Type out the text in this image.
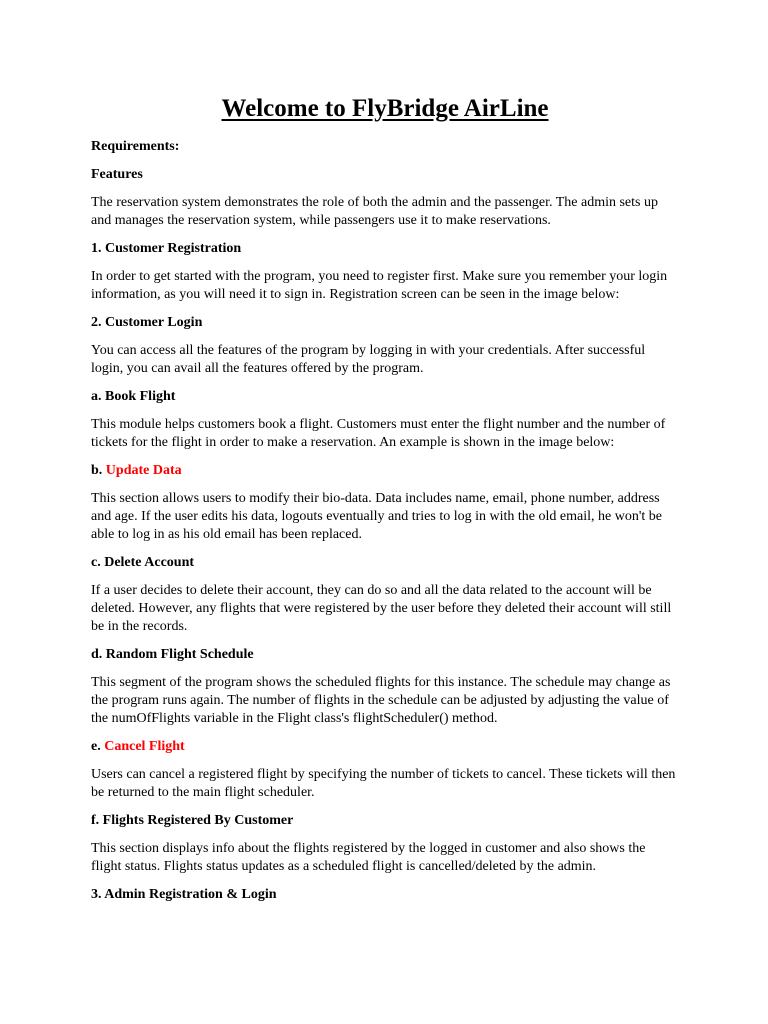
Welcome to FlyBridge AirLine
Requirements:
Features
The reservation system demonstrates the role of both the admin and the passenger. The admin sets up and manages the reservation system, while passengers use it to make reservations.
1. Customer Registration
In order to get started with the program, you need to register first. Make sure you remember your login information, as you will need it to sign in. Registration screen can be seen in the image below:
2. Customer Login
You can access all the features of the program by logging in with your credentials. After successful login, you can avail all the features offered by the program.
a. Book Flight
This module helps customers book a flight. Customers must enter the flight number and the number of tickets for the flight in order to make a reservation. An example is shown in the image below:
b. Update Data
This section allows users to modify their bio-data. Data includes name, email, phone number, address and age. If the user edits his data, logouts eventually and tries to log in with the old email, he won't be able to log in as his old email has been replaced.
c. Delete Account
If a user decides to delete their account, they can do so and all the data related to the account will be deleted. However, any flights that were registered by the user before they deleted their account will still be in the records.
d. Random Flight Schedule
This segment of the program shows the scheduled flights for this instance. The schedule may change as the program runs again. The number of flights in the schedule can be adjusted by adjusting the value of the numOfFlights variable in the Flight class's flightScheduler() method.
e. Cancel Flight
Users can cancel a registered flight by specifying the number of tickets to cancel. These tickets will then be returned to the main flight scheduler.
f. Flights Registered By Customer
This section displays info about the flights registered by the logged in customer and also shows the flight status. Flights status updates as a scheduled flight is cancelled/deleted by the admin.
3. Admin Registration & Login
